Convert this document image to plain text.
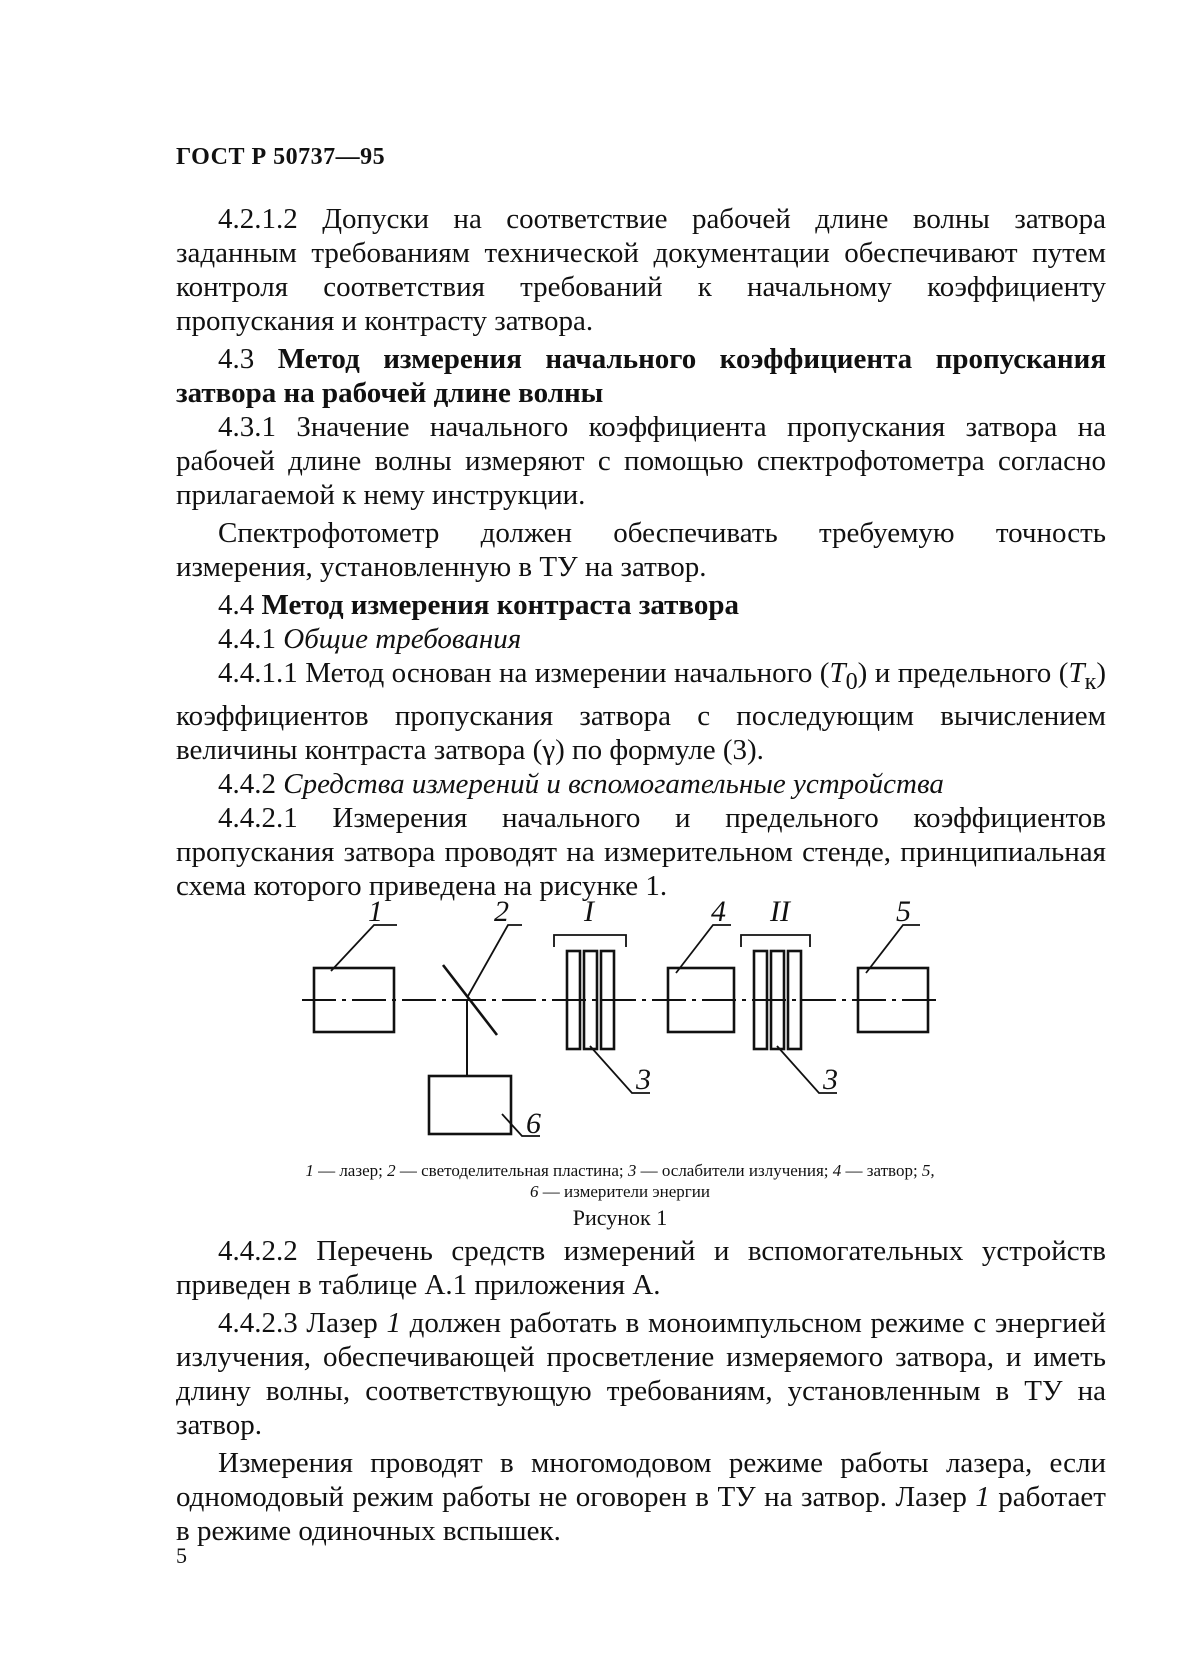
ГОСТ Р 50737—95

4.2.1.2 Допуски на соответствие рабочей длине волны затвора заданным требованиям технической документации обеспечивают путем контроля соответствия требований к начальному коэффициенту пропускания и контрасту затвора.

4.3 Метод измерения начального коэффициента пропускания затвора на рабочей длине волны

4.3.1 Значение начального коэффициента пропускания затвора на рабочей длине волны измеряют с помощью спектрофотометра согласно прилагаемой к нему инструкции.

Спектрофотометр должен обеспечивать требуемую точность измерения, установленную в ТУ на затвор.

4.4 Метод измерения контраста затвора

4.4.1 Общие требования

4.4.1.1 Метод основан на измерении начального $(T_0)$ и предельного $(T_к)$ коэффициентов пропускания затвора с последующим вычислением величины контраста затвора (γ) по формуле (3).

4.4.2 Средства измерений и вспомогательные устройства

4.4.2.1 Измерения начального и предельного коэффициентов пропускания затвора проводят на измерительном стенде, принципиальная схема которого приведена на рисунке 1.

1	2	I	4 II	5
3	3
6
1 — лазер; 2 — светоделительная пластина; 3 — ослабители излучения; 4 — затвор; 5, 6 — измерители энергии
Рисунок 1

4.4.2.2 Перечень средств измерений и вспомогательных устройств приведен в таблице А.1 приложения А.

4.4.2.3 Лазер 1 должен работать в моноимпульсном режиме с энергией излучения, обеспечивающей просветление измеряемого затвора, и иметь длину волны, соответствующую требованиям, установленным в ТУ на затвор.

Измерения проводят в многомодовом режиме работы лазера, если одномодовый режим работы не оговорен в ТУ на затвор. Лазер 1 работает в режиме одиночных вспышек.

5
